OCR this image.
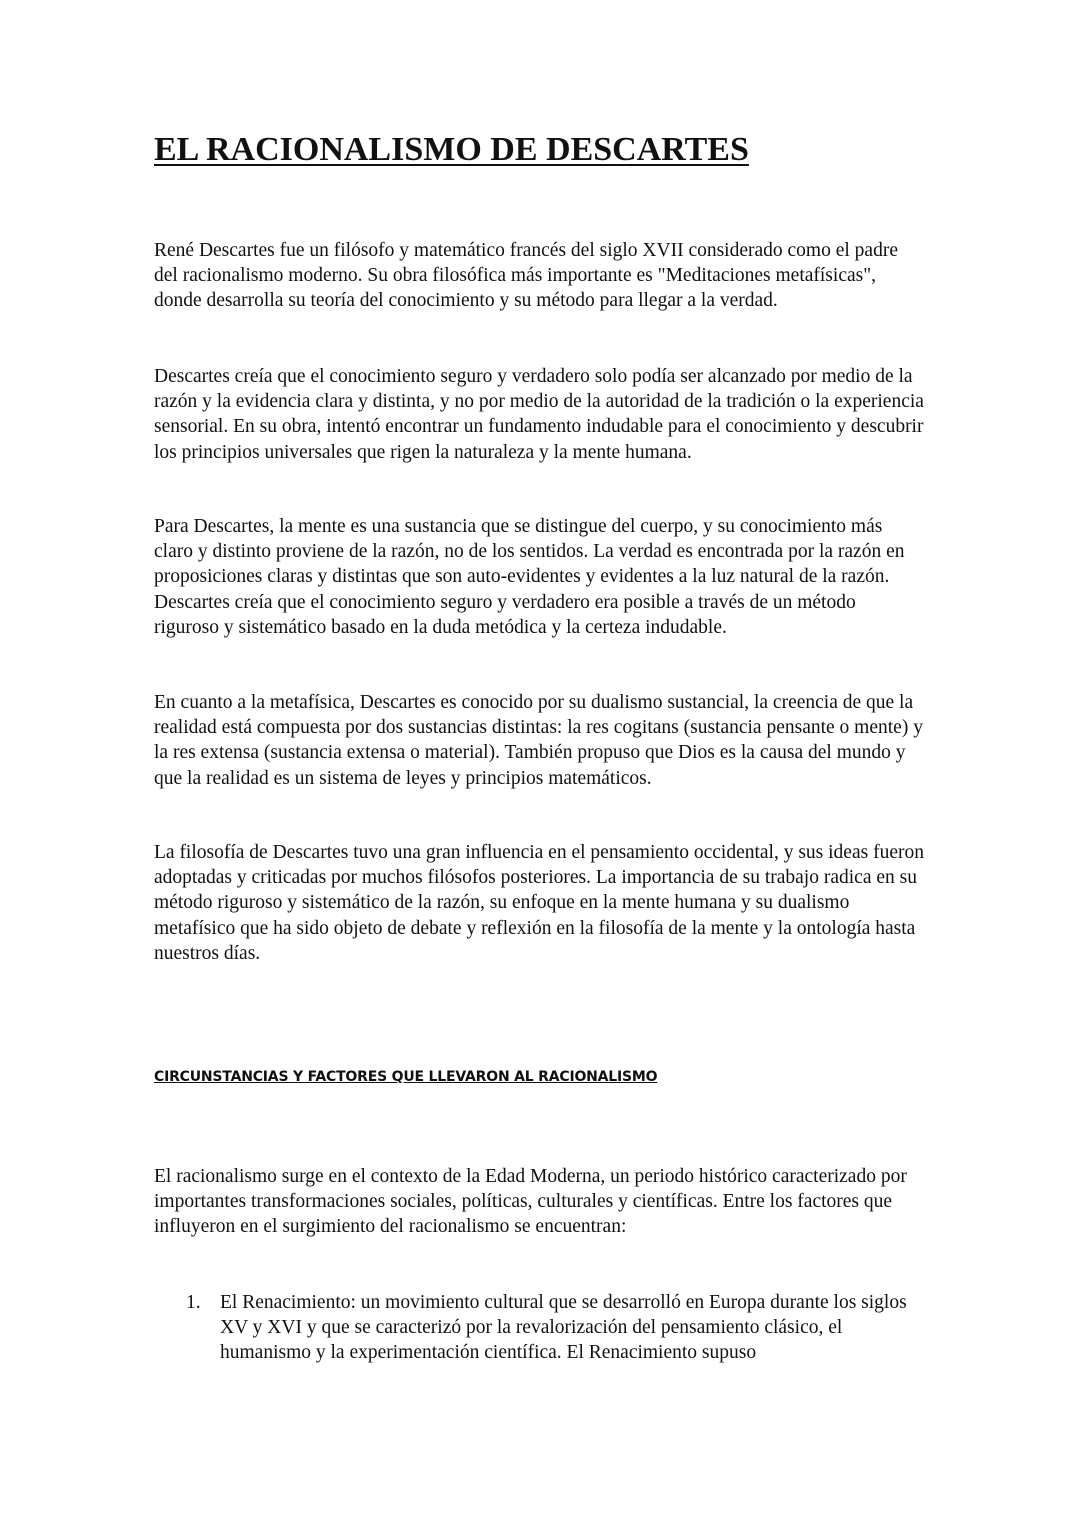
EL RACIONALISMO DE DESCARTES

René Descartes fue un filósofo y matemático francés del siglo XVII considerado como el padre del racionalismo moderno. Su obra filosófica más importante es "Meditaciones metafísicas", donde desarrolla su teoría del conocimiento y su método para llegar a la verdad.

Descartes creía que el conocimiento seguro y verdadero solo podía ser alcanzado por medio de la razón y la evidencia clara y distinta, y no por medio de la autoridad de la tradición o la experiencia sensorial. En su obra, intentó encontrar un fundamento indudable para el conocimiento y descubrir los principios universales que rigen la naturaleza y la mente humana.

Para Descartes, la mente es una sustancia que se distingue del cuerpo, y su conocimiento más claro y distinto proviene de la razón, no de los sentidos. La verdad es encontrada por la razón en proposiciones claras y distintas que son auto-evidentes y evidentes a la luz natural de la razón. Descartes creía que el conocimiento seguro y verdadero era posible a través de un método riguroso y sistemático basado en la duda metódica y la certeza indudable.

En cuanto a la metafísica, Descartes es conocido por su dualismo sustancial, la creencia de que la realidad está compuesta por dos sustancias distintas: la res cogitans (sustancia pensante o mente) y la res extensa (sustancia extensa o material). También propuso que Dios es la causa del mundo y que la realidad es un sistema de leyes y principios matemáticos.

La filosofía de Descartes tuvo una gran influencia en el pensamiento occidental, y sus ideas fueron adoptadas y criticadas por muchos filósofos posteriores. La importancia de su trabajo radica en su método riguroso y sistemático de la razón, su enfoque en la mente humana y su dualismo metafísico que ha sido objeto de debate y reflexión en la filosofía de la mente y la ontología hasta nuestros días.

CIRCUNSTANCIAS Y FACTORES QUE LLEVARON AL RACIONALISMO

El racionalismo surge en el contexto de la Edad Moderna, un periodo histórico caracterizado por importantes transformaciones sociales, políticas, culturales y científicas. Entre los factores que influyeron en el surgimiento del racionalismo se encuentran:

1. El Renacimiento: un movimiento cultural que se desarrolló en Europa durante los siglos XV y XVI y que se caracterizó por la revalorización del pensamiento clásico, el humanismo y la experimentación científica. El Renacimiento supuso
